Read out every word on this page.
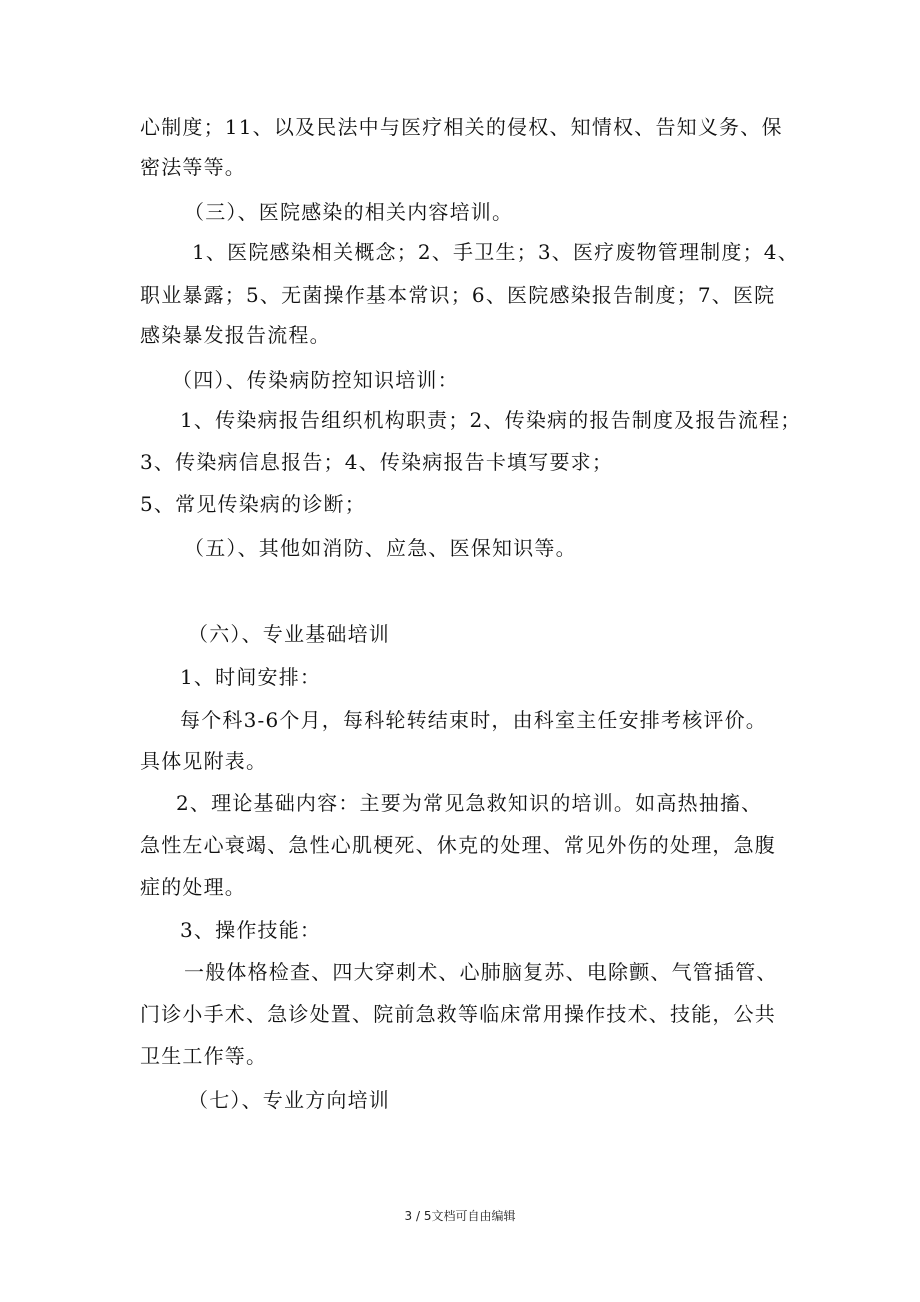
心制度；11、以及民法中与医疗相关的侵权、知情权、告知义务、保
密法等等。
（三）、医院感染的相关内容培训。
1、医院感染相关概念；2、手卫生；3、医疗废物管理制度；4、
职业暴露；5、无菌操作基本常识；6、医院感染报告制度；7、医院
感染暴发报告流程。
（四）、传染病防控知识培训：
1、传染病报告组织机构职责；2、传染病的报告制度及报告流程；
3、传染病信息报告；4、传染病报告卡填写要求；
5、常见传染病的诊断；
（五）、其他如消防、应急、医保知识等。
（六）、专业基础培训
1、时间安排：
每个科3-6个月，每科轮转结束时，由科室主任安排考核评价。
具体见附表。
2、理论基础内容：主要为常见急救知识的培训。如高热抽搐、
急性左心衰竭、急性心肌梗死、休克的处理、常见外伤的处理，急腹
症的处理。
3、操作技能：
一般体格检查、四大穿刺术、心肺脑复苏、电除颤、气管插管、
门诊小手术、急诊处置、院前急救等临床常用操作技术、技能，公共
卫生工作等。
（七）、专业方向培训
3 / 5文档可自由编辑
